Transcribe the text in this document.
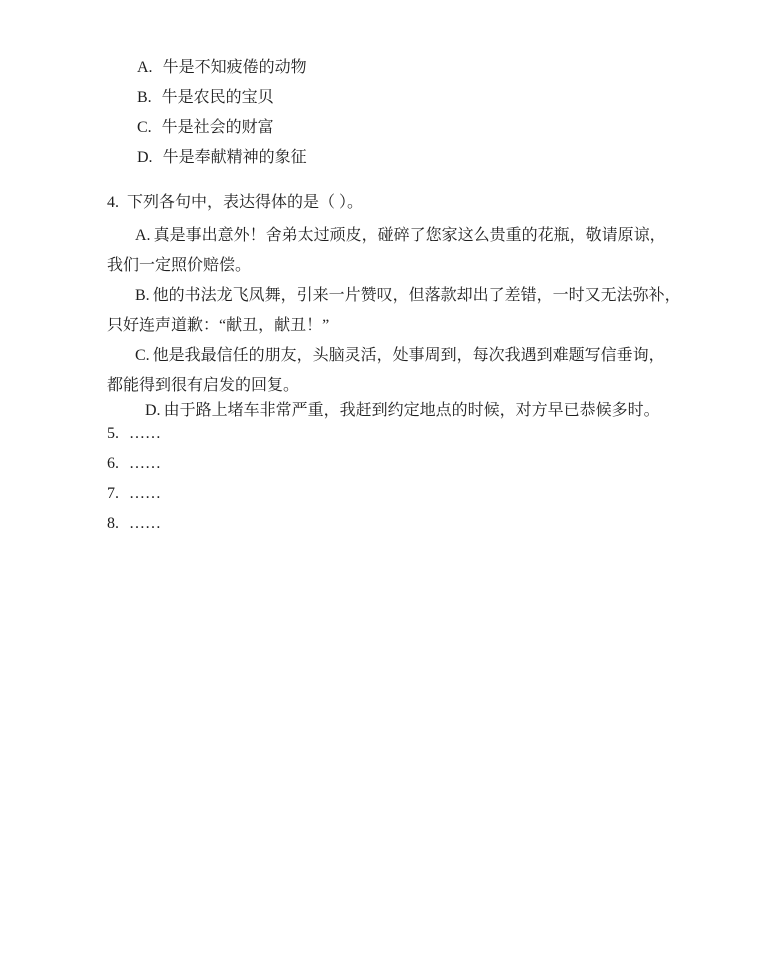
A. 牛是不知疲倦的动物
B. 牛是农民的宝贝
C. 牛是社会的财富
D. 牛是奉献精神的象征
4. 下列各句中，表达得体的是（ ）。

A. 真是事出意外！舍弟太过顽皮，碰碎了您家这么贵重的花瓶，敬请原谅，
我们一定照价赔偿。

B. 他的书法龙飞凤舞，引来一片赞叹，但落款却出了差错，一时又无法弥补，
只好连声道歉：“献丑，献丑！”

C. 他是我最信任的朋友，头脑灵活，处事周到，每次我遇到难题写信垂询，
都能得到很有启发的回复。

D. 由于路上堵车非常严重，我赶到约定地点的时候，对方早已恭候多时。

5. ……
6. ……
7. ……
8. ……
